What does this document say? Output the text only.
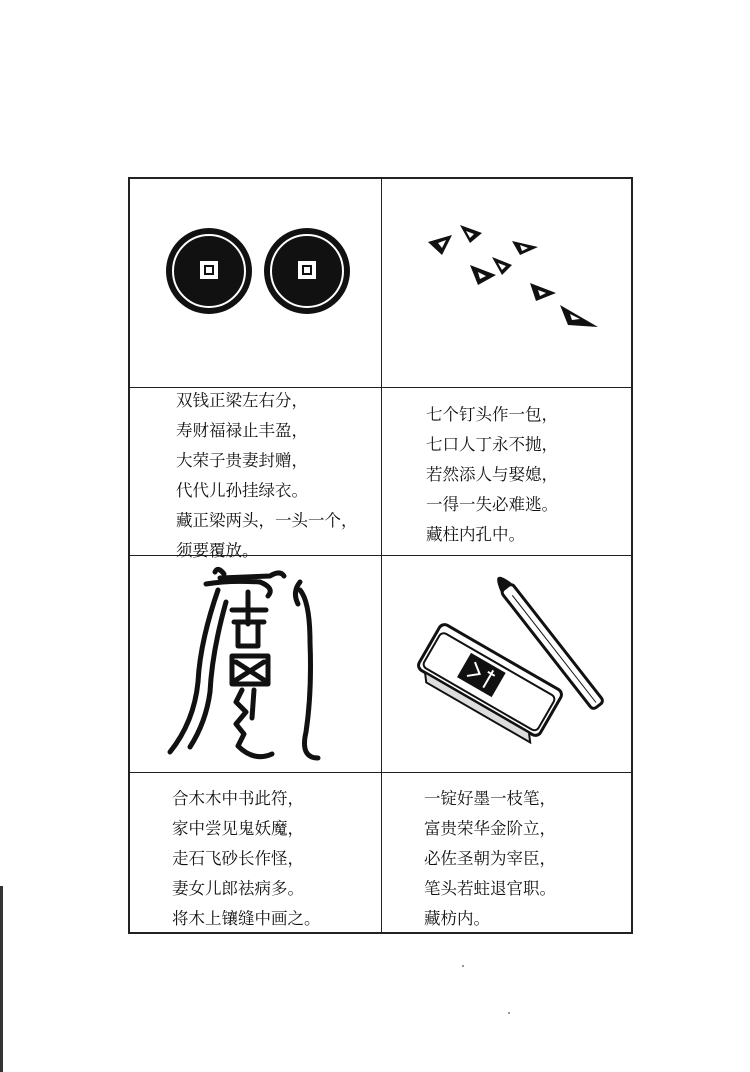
双钱正梁左右分，
寿财福禄止丰盈，
大荣子贵妻封赠，
代代儿孙挂绿衣。
藏正梁两头，一头一个，
须要覆放。
七个钉头作一包，
七口人丁永不抛，
若然添人与娶媳，
一得一失必难逃。
藏柱内孔中。
合木木中书此符，
家中尝见鬼妖魔，
走石飞砂长作怪，
妻女儿郎祛病多。
将木上镶缝中画之。
一锭好墨一枝笔，
富贵荣华金阶立，
必佐圣朝为宰臣，
笔头若蛀退官职。
藏枋内。
